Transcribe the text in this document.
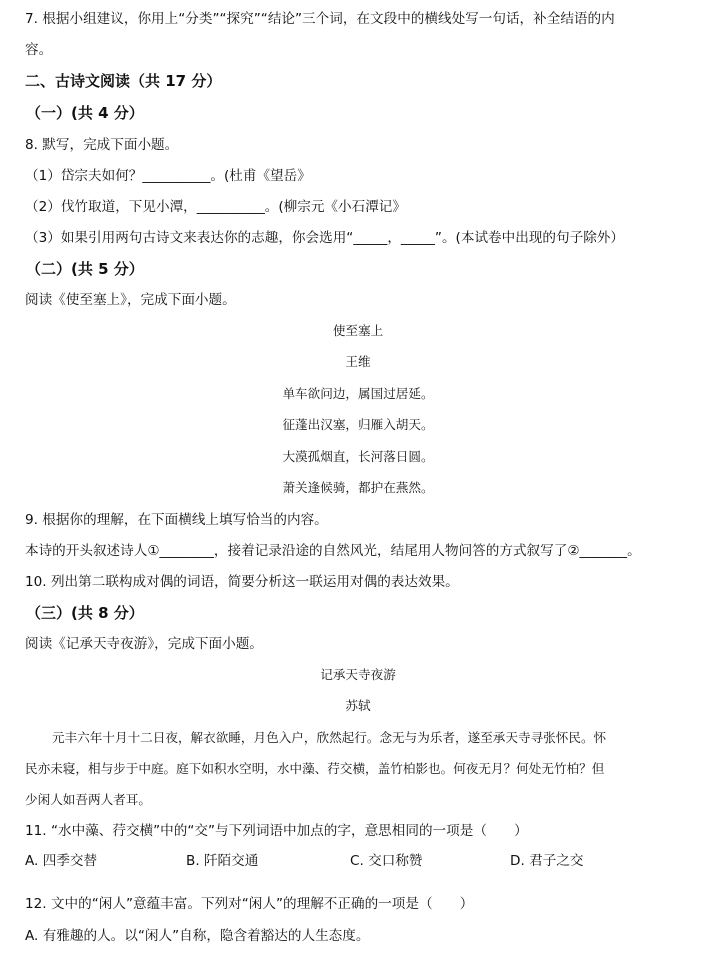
7. 根据小组建议，你用上“分类”“探究”“结论”三个词，在文段中的横线处写一句话，补全结语的内
容。
二、古诗文阅读（共 17 分）
（一）(共 4 分）
8. 默写，完成下面小题。
（1）岱宗夫如何？__________。(杜甫《望岳》
（2）伐竹取道，下见小潭，__________。(柳宗元《小石潭记》
（3）如果引用两句古诗文来表达你的志趣，你会选用“_____，_____”。(本试卷中出现的句子除外）
（二）(共 5 分）
阅读《使至塞上》，完成下面小题。
使至塞上
王维
单车欲问边，属国过居延。
征蓬出汉塞，归雁入胡天。
大漠孤烟直，长河落日圆。
萧关逢候骑，都护在燕然。
9. 根据你的理解，在下面横线上填写恰当的内容。
本诗的开头叙述诗人①________，接着记录沿途的自然风光，结尾用人物问答的方式叙写了②_______。
10. 列出第二联构成对偶的词语，简要分析这一联运用对偶的表达效果。
（三）(共 8 分）
阅读《记承天寺夜游》，完成下面小题。
记承天寺夜游
苏轼
元丰六年十月十二日夜，解衣欲睡，月色入户，欣然起行。念无与为乐者，遂至承天寺寻张怀民。怀
民亦未寝，相与步于中庭。庭下如积水空明，水中藻、荇交横，盖竹柏影也。何夜无月？何处无竹柏？但
少闲人如吾两人者耳。
11. “水中藻、荇交横”中的“交”与下列词语中加点的字，意思相同的一项是（　　）
A. 四季交替	B. 阡陌交通	C. 交口称赞	D. 君子之交
12. 文中的“闲人”意蕴丰富。下列对“闲人”的理解不正确的一项是（　　）
A. 有雅趣的人。以“闲人”自称，隐含着豁达的人生态度。
